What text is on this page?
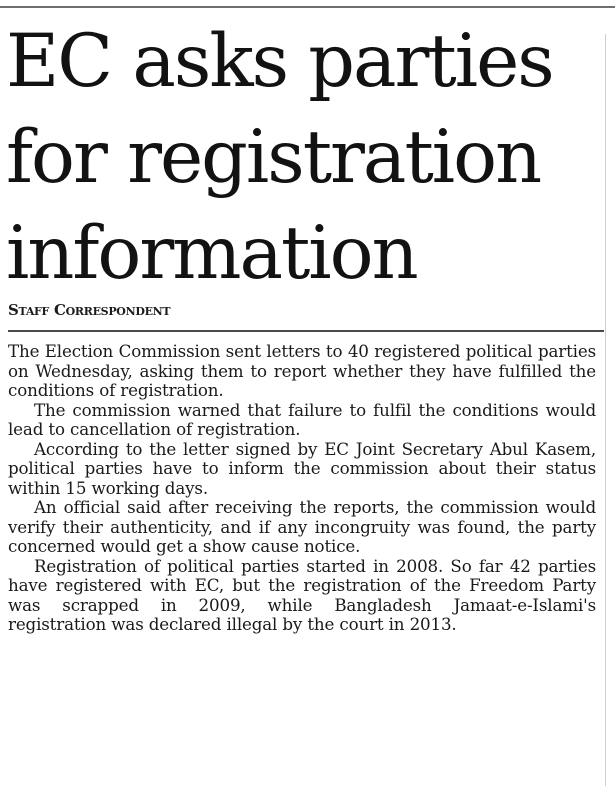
EC asks parties
for registration
information
Staff Correspondent

The Election Commission sent letters to 40 registered political parties on Wednesday, asking them to report whether they have fulfilled the conditions of registration.

The commission warned that failure to fulfil the conditions would lead to cancellation of registration.

According to the letter signed by EC Joint Secretary Abul Kasem, political parties have to inform the commission about their status within 15 working days.

An official said after receiving the reports, the commission would verify their authenticity, and if any incongruity was found, the party concerned would get a show cause notice.

Registration of political parties started in 2008. So far 42 parties have registered with EC, but the registration of the Freedom Party was scrapped in 2009, while Bangladesh Jamaat-e-Islami's registration was declared illegal by the court in 2013.
